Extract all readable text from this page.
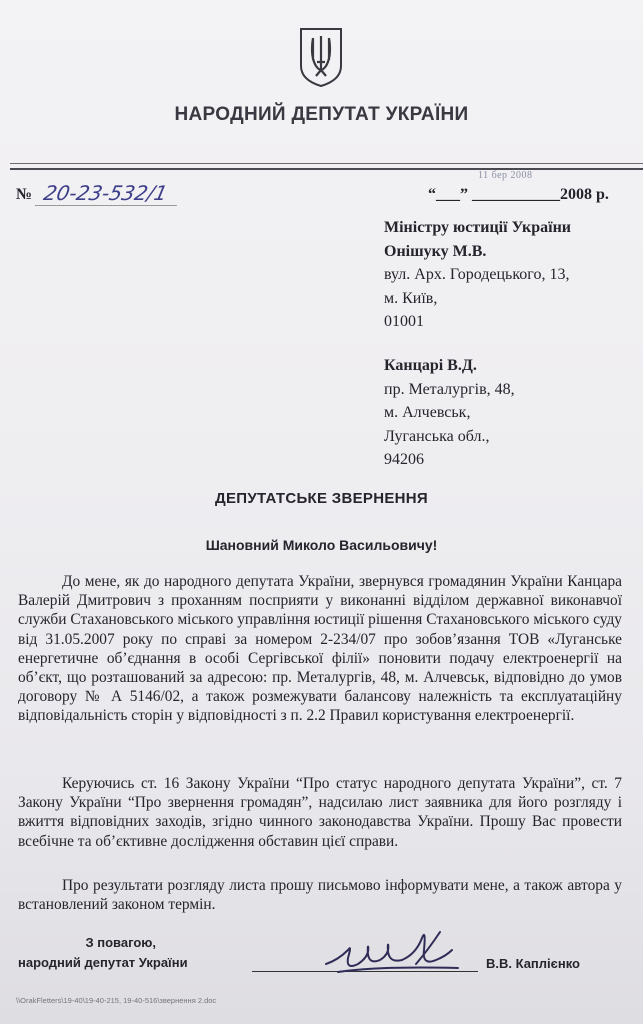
НАРОДНИЙ ДЕПУТАТ УКРАЇНИ
№ 20-23-532/1
11 бер 2008
“___” ___________2008 р.
Міністру юстиції України
Онішуку М.В.
вул. Арх. Городецького, 13,
м. Київ,
01001
Канцарі В.Д.
пр. Металургів, 48,
м. Алчевськ,
Луганська обл.,
94206
ДЕПУТАТСЬКЕ ЗВЕРНЕННЯ
Шановний Миколо Васильовичу!
До мене, як до народного депутата України, звернувся громадянин України Канцара Валерій Дмитрович з проханням посприяти у виконанні відділом державної виконавчої служби Стахановського міського управління юстиції рішення Стахановського міського суду від 31.05.2007 року по справі за номером 2-234/07 про зобов’язання ТОВ «Луганське енергетичне об’єднання в особі Сергівської філії» поновити подачу електроенергії на об’єкт, що розташований за адресою: пр. Металургів, 48, м. Алчевськ, відповідно до умов договору № А 5146/02, а також розмежувати балансову належність та експлуатаційну відповідальність сторін у відповідності з п. 2.2 Правил користування електроенергії.
Керуючись ст. 16 Закону України “Про статус народного депутата України”, ст. 7 Закону України “Про звернення громадян”, надсилаю лист заявника для його розгляду і вжиття відповідних заходів, згідно чинного законодавства України. Прошу Вас провести всебічне та об’єктивне дослідження обставин цієї справи.
Про результати розгляду листа прошу письмово інформувати мене, а також автора у встановлений законом термін.
З повагою,
народний депутат України	В.В. Каплієнко
\\OrakFletters\19-40\19-40-215, 19-40-516\звернення 2.doc
